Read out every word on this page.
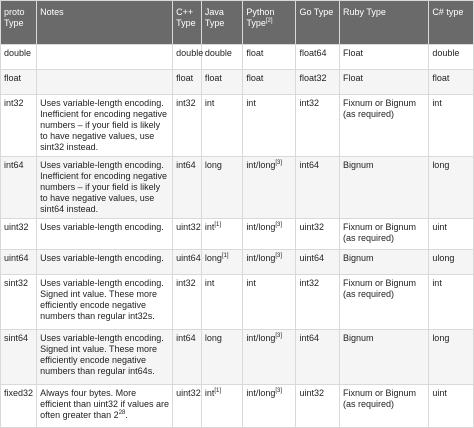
proto Type	Notes	C++ Type	Java Type	Python Type[2]	Go Type	Ruby Type	C# type
double		double	double	float	float64	Float	double
float		float	float	float	float32	Float	float
int32	Uses variable-length encoding. Inefficient for encoding negative numbers – if your field is likely to have negative values, use sint32 instead.	int32	int	int	int32	Fixnum or Bignum (as required)	int
int64	Uses variable-length encoding. Inefficient for encoding negative numbers – if your field is likely to have negative values, use sint64 instead.	int64	long	int/long[3]	int64	Bignum	long
uint32	Uses variable-length encoding.	uint32	int[1]	int/long[3]	uint32	Fixnum or Bignum (as required)	uint
uint64	Uses variable-length encoding.	uint64	long[1]	int/long[3]	uint64	Bignum	ulong
sint32	Uses variable-length encoding. Signed int value. These more efficiently encode negative numbers than regular int32s.	int32	int	int	int32	Fixnum or Bignum (as required)	int
sint64	Uses variable-length encoding. Signed int value. These more efficiently encode negative numbers than regular int64s.	int64	long	int/long[3]	int64	Bignum	long
fixed32	Always four bytes. More efficient than uint32 if values are often greater than $2^{28}$.	uint32	int[1]	int/long[3]	uint32	Fixnum or Bignum (as required)	uint
